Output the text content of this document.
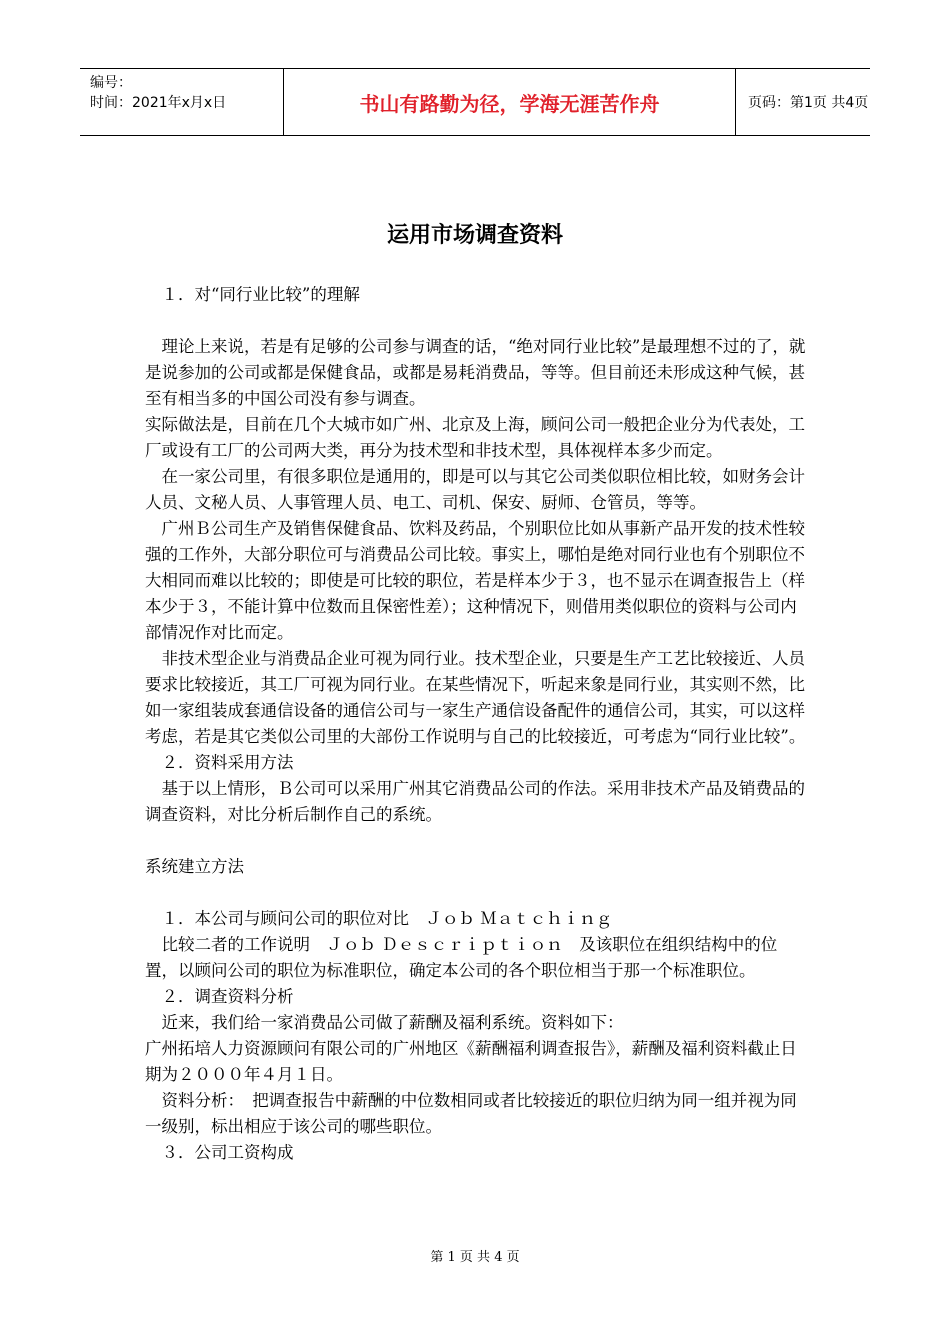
编号：
时间：2021年x月x日	书山有路勤为径，学海无涯苦作舟	页码：第1页 共4页
运用市场调查资料

　１．对“同行业比较”的理解

　理论上来说，若是有足够的公司参与调查的话，“绝对同行业比较”是最理想不过的了，就是说参加的公司或都是保健食品，或都是易耗消费品，等等。但目前还未形成这种气候，甚至有相当多的中国公司没有参与调查。

实际做法是，目前在几个大城市如广州、北京及上海，顾问公司一般把企业分为代表处，工厂或设有工厂的公司两大类，再分为技术型和非技术型，具体视样本多少而定。

　在一家公司里，有很多职位是通用的，即是可以与其它公司类似职位相比较，如财务会计人员、文秘人员、人事管理人员、电工、司机、保安、厨师、仓管员，等等。

　广州Ｂ公司生产及销售保健食品、饮料及药品，个别职位比如从事新产品开发的技术性较强的工作外，大部分职位可与消费品公司比较。事实上，哪怕是绝对同行业也有个别职位不大相同而难以比较的；即使是可比较的职位，若是样本少于３，也不显示在调查报告上（样本少于３，不能计算中位数而且保密性差）；这种情况下，则借用类似职位的资料与公司内部情况作对比而定。

　非技术型企业与消费品企业可视为同行业。技术型企业，只要是生产工艺比较接近、人员要求比较接近，其工厂可视为同行业。在某些情况下，听起来象是同行业，其实则不然，比如一家组装成套通信设备的通信公司与一家生产通信设备配件的通信公司，其实，可以这样考虑，若是其它类似公司里的大部份工作说明与自己的比较接近，可考虑为“同行业比较”。

　２．资料采用方法

　基于以上情形，Ｂ公司可以采用广州其它消费品公司的作法。采用非技术产品及销费品的调查资料，对比分析后制作自己的系统。

系统建立方法

　１．本公司与顾问公司的职位对比　Ｊｏｂ Ｍａｔｃｈｉｎｇ

　比较二者的工作说明　Ｊｏｂ Ｄｅｓｃｒｉｐｔｉｏｎ　及该职位在组织结构中的位置，以顾问公司的职位为标准职位，确定本公司的各个职位相当于那一个标准职位。

　２．调查资料分析

　近来，我们给一家消费品公司做了薪酬及福利系统。资料如下：

广州拓培人力资源顾问有限公司的广州地区《薪酬福利调查报告》，薪酬及福利资料截止日期为２０００年４月１日。

　资料分析：　把调查报告中薪酬的中位数相同或者比较接近的职位归纳为同一组并视为同一级别，标出相应于该公司的哪些职位。

　３．公司工资构成

第 1 页 共 4 页
